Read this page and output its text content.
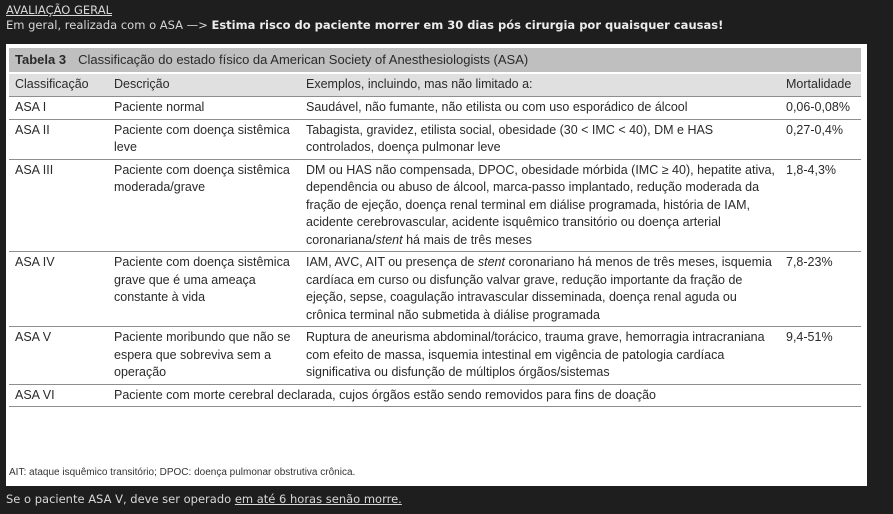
AVALIAÇÃO GERAL
Em geral, realizada com o ASA —> Estima risco do paciente morrer em 30 dias pós cirurgia por quaisquer causas!
Tabela 3 Classificação do estado físico da American Society of Anesthesiologists (ASA)
Classificação	Descrição	Exemplos, incluindo, mas não limitado a:	Mortalidade
ASA I	Paciente normal	Saudável, não fumante, não etilista ou com uso esporádico de álcool	0,06-0,08%
ASA II	Paciente com doença sistêmica leve	Tabagista, gravidez, etilista social, obesidade (30 < IMC < 40), DM e HAS controlados, doença pulmonar leve	0,27-0,4%
ASA III	Paciente com doença sistêmica moderada/grave	DM ou HAS não compensada, DPOC, obesidade mórbida (IMC ≥ 40), hepatite ativa, dependência ou abuso de álcool, marca-passo implantado, redução moderada da fração de ejeção, doença renal terminal em diálise programada, história de IAM, acidente cerebrovascular, acidente isquêmico transitório ou doença arterial coronariana/stent há mais de três meses	1,8-4,3%
ASA IV	Paciente com doença sistêmica grave que é uma ameaça constante à vida	IAM, AVC, AIT ou presença de stent coronariano há menos de três meses, isquemia cardíaca em curso ou disfunção valvar grave, redução importante da fração de ejeção, sepse, coagulação intravascular disseminada, doença renal aguda ou crônica terminal não submetida à diálise programada	7,8-23%
ASA V	Paciente moribundo que não se espera que sobreviva sem a operação	Ruptura de aneurisma abdominal/torácico, trauma grave, hemorragia intracraniana com efeito de massa, isquemia intestinal em vigência de patologia cardíaca significativa ou disfunção de múltiplos órgãos/sistemas	9,4-51%
ASA VI	Paciente com morte cerebral declarada, cujos órgãos estão sendo removidos para fins de doação		
AIT: ataque isquêmico transitório; DPOC: doença pulmonar obstrutiva crônica.
Se o paciente ASA V, deve ser operado em até 6 horas senão morre.
